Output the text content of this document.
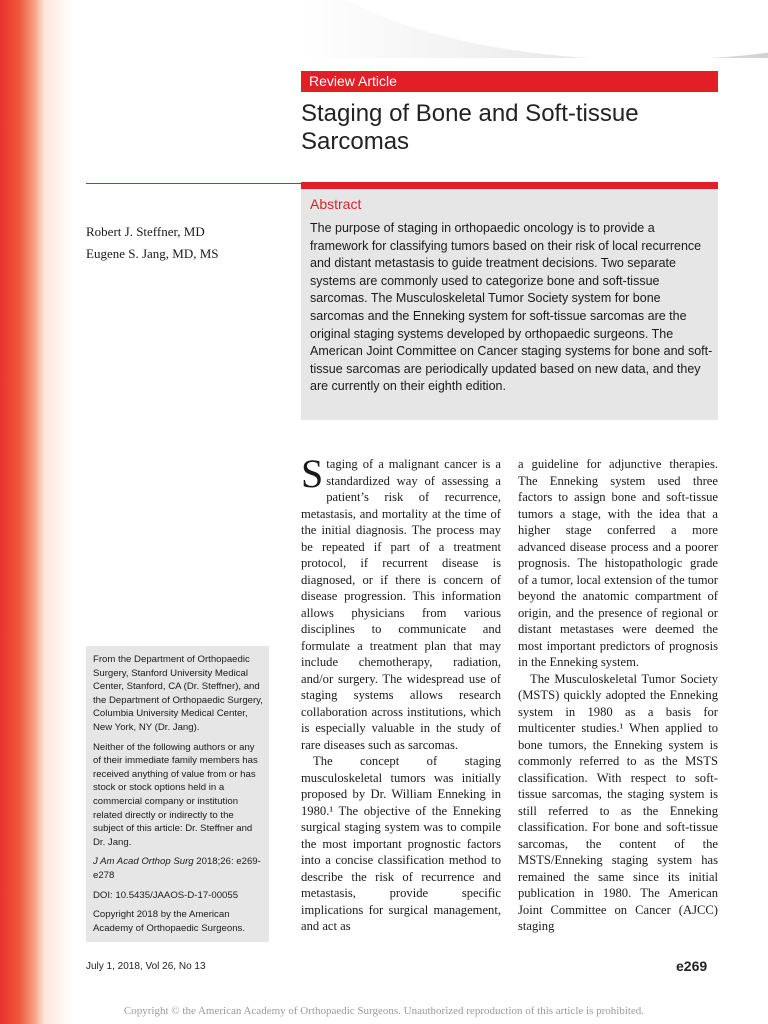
Review Article
Staging of Bone and Soft-tissue Sarcomas
Robert J. Steffner, MD
Eugene S. Jang, MD, MS
Abstract
The purpose of staging in orthopaedic oncology is to provide a framework for classifying tumors based on their risk of local recurrence and distant metastasis to guide treatment decisions. Two separate systems are commonly used to categorize bone and soft-tissue sarcomas. The Musculoskeletal Tumor Society system for bone sarcomas and the Enneking system for soft-tissue sarcomas are the original staging systems developed by orthopaedic surgeons. The American Joint Committee on Cancer staging systems for bone and soft-tissue sarcomas are periodically updated based on new data, and they are currently on their eighth edition.

Staging of a malignant cancer is a standardized way of assessing a patient’s risk of recurrence, metastasis, and mortality at the time of the initial diagnosis. The process may be repeated if part of a treatment protocol, if recurrent disease is diagnosed, or if there is concern of disease progression. This information allows physicians from various disciplines to communicate and formulate a treatment plan that may include chemotherapy, radiation, and/or surgery. The widespread use of staging systems allows research collaboration across institutions, which is especially valuable in the study of rare diseases such as sarcomas.

The concept of staging musculoskeletal tumors was initially proposed by Dr. William Enneking in 1980.¹ The objective of the Enneking surgical staging system was to compile the most important prognostic factors into a concise classification method to describe the risk of recurrence and metastasis, provide specific implications for surgical management, and act as

a guideline for adjunctive therapies. The Enneking system used three factors to assign bone and soft-tissue tumors a stage, with the idea that a higher stage conferred a more advanced disease process and a poorer prognosis. The histopathologic grade of a tumor, local extension of the tumor beyond the anatomic compartment of origin, and the presence of regional or distant metastases were deemed the most important predictors of prognosis in the Enneking system.

The Musculoskeletal Tumor Society (MSTS) quickly adopted the Enneking system in 1980 as a basis for multicenter studies.¹ When applied to bone tumors, the Enneking system is commonly referred to as the MSTS classification. With respect to soft-tissue sarcomas, the staging system is still referred to as the Enneking classification. For bone and soft-tissue sarcomas, the content of the MSTS/Enneking staging system has remained the same since its initial publication in 1980. The American Joint Committee on Cancer (AJCC) staging

From the Department of Orthopaedic Surgery, Stanford University Medical Center, Stanford, CA (Dr. Steffner), and the Department of Orthopaedic Surgery, Columbia University Medical Center, New York, NY (Dr. Jang).

Neither of the following authors or any of their immediate family members has received anything of value from or has stock or stock options held in a commercial company or institution related directly or indirectly to the subject of this article: Dr. Steffner and Dr. Jang.

J Am Acad Orthop Surg 2018;26: e269-e278

DOI: 10.5435/JAAOS-D-17-00055

Copyright 2018 by the American Academy of Orthopaedic Surgeons.

July 1, 2018, Vol 26, No 13	e269
Copyright © the American Academy of Orthopaedic Surgeons. Unauthorized reproduction of this article is prohibited.
